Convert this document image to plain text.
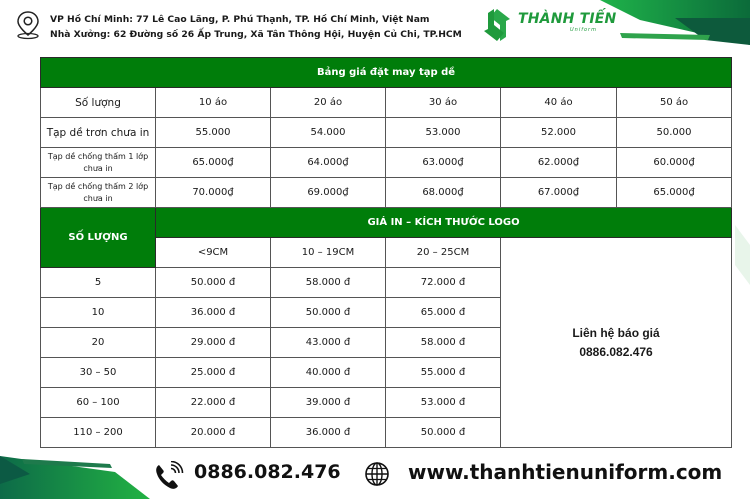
VP Hồ Chí Minh: 77 Lê Cao Lãng, P. Phú Thạnh, TP. Hồ Chí Minh, Việt Nam
Nhà Xưởng: 62 Đường số 26 Ấp Trung, Xã Tân Thông Hội, Huyện Củ Chi, TP.HCM
THÀNH TIẾN
Uniform
Bảng giá đặt may tạp dề					
Số lượng	10 áo	20 áo	30 áo	40 áo	50 áo
Tạp dề trơn chưa in	55.000	54.000	53.000	52.000	50.000
Tạp dề chống thấm 1 lớp chưa in	65.000₫	64.000₫	63.000₫	62.000₫	60.000₫
Tạp dề chống thấm 2 lớp chưa in	70.000₫	69.000₫	68.000₫	67.000₫	65.000₫
SỐ LƯỢNG	GIÁ IN – KÍCH THƯỚC LOGO				
	<9CM	10 – 19CM	20 – 25CM	Liên hệ báo giá
0886.082.476	

5	50.000 đ	58.000 đ	72.000 đ		
10	36.000 đ	50.000 đ	65.000 đ		
20	29.000 đ	43.000 đ	58.000 đ		
30 – 50	25.000 đ	40.000 đ	55.000 đ		
60 – 100	22.000 đ	39.000 đ	53.000 đ		
110 – 200	20.000 đ	36.000 đ	50.000 đ		
0886.082.476	www.thanhtienuniform.com
